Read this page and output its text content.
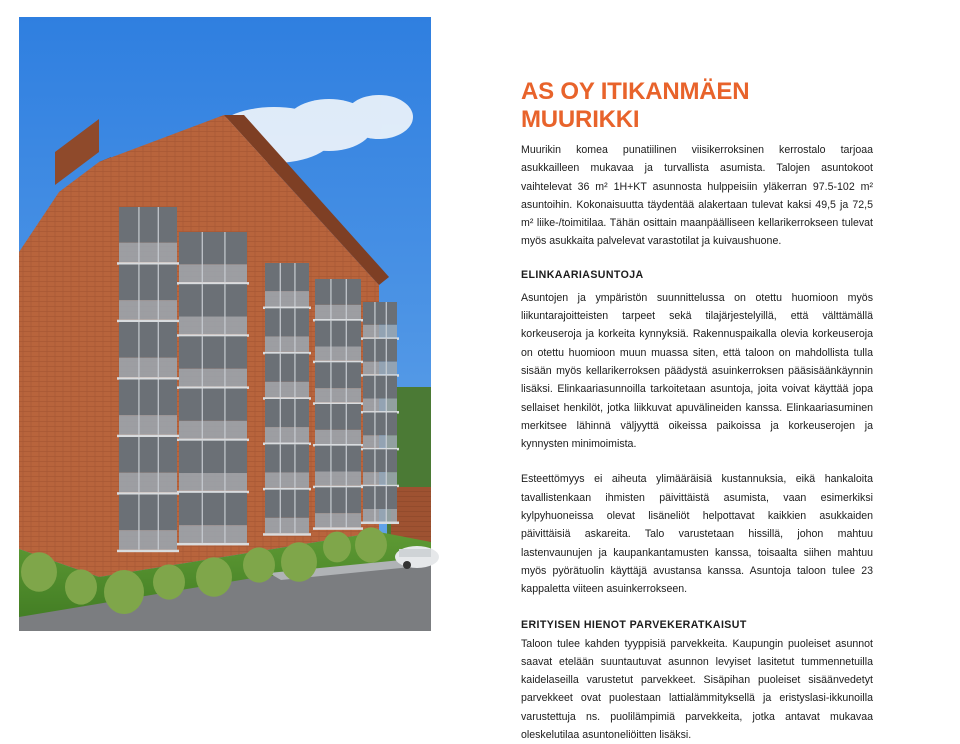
TAITEILIJAN NÄKEMYS.
AS OY ITIKANMÄEN MUURIKKI

Muurikin komea punatiilinen viisikerroksinen kerrostalo tarjoaa asukkailleen mukavaa ja turvallista asumista. Talojen asuntokoot vaihtelevat 36 m² 1H+KT asunnosta hulppeisiin yläkerran 97.5-102 m² asuntoihin. Kokonaisuutta täydentää alakertaan tulevat kaksi 49,5 ja 72,5 m² liike-/toimitilaa. Tähän osittain maanpäälliseen kellarikerrokseen tulevat myös asukkaita palvelevat varastotilat ja kuivaushuone.

ELINKAARIASUNTOJA

Asuntojen ja ympäristön suunnittelussa on otettu huomioon myös liikuntarajoitteisten tarpeet sekä tilajärjestelyillä, että välttämällä korkeuseroja ja korkeita kynnyksiä. Rakennuspaikalla olevia korkeuseroja on otettu huomioon muun muassa siten, että taloon on mahdollista tulla sisään myös kellarikerroksen päädystä asuinkerroksen pääsisäänkäynnin lisäksi. Elinkaariasunnoilla tarkoitetaan asuntoja, joita voivat käyttää jopa sellaiset henkilöt, jotka liikkuvat apuvälineiden kanssa. Elinkaariasuminen merkitsee lähinnä väljyyttä oikeissa paikoissa ja korkeuserojen ja kynnysten minimoimista.

Esteettömyys ei aiheuta ylimääräisiä kustannuksia, eikä hankaloita tavallistenkaan ihmisten päivittäistä asumista, vaan esimerkiksi kylpyhuoneissa olevat lisäneliöt helpottavat kaikkien asukkaiden päivittäisiä askareita. Talo varustetaan hissillä, johon mahtuu lastenvaunujen ja kaupankantamusten kanssa, toisaalta siihen mahtuu myös pyörätuolin käyttäjä avustansa kanssa. Asuntoja taloon tulee 23 kappaletta viiteen asuinkerrokseen.

ERITYISEN HIENOT PARVEKERATKAISUT

Taloon tulee kahden tyyppisiä parvekkeita. Kaupungin puoleiset asunnot saavat etelään suuntautuvat asunnon levyiset lasitetut tummennetuilla kaidelaseilla varustetut parvekkeet. Sisäpihan puoleiset sisäänvedetyt parvekkeet ovat puolestaan lattialämmityksellä ja eristyslasi-ikkunoilla varustettuja ns. puolilämpimiä parvekkeita, jotka antavat mukavaa oleskelutilaa asuntoneliöitten lisäksi.
